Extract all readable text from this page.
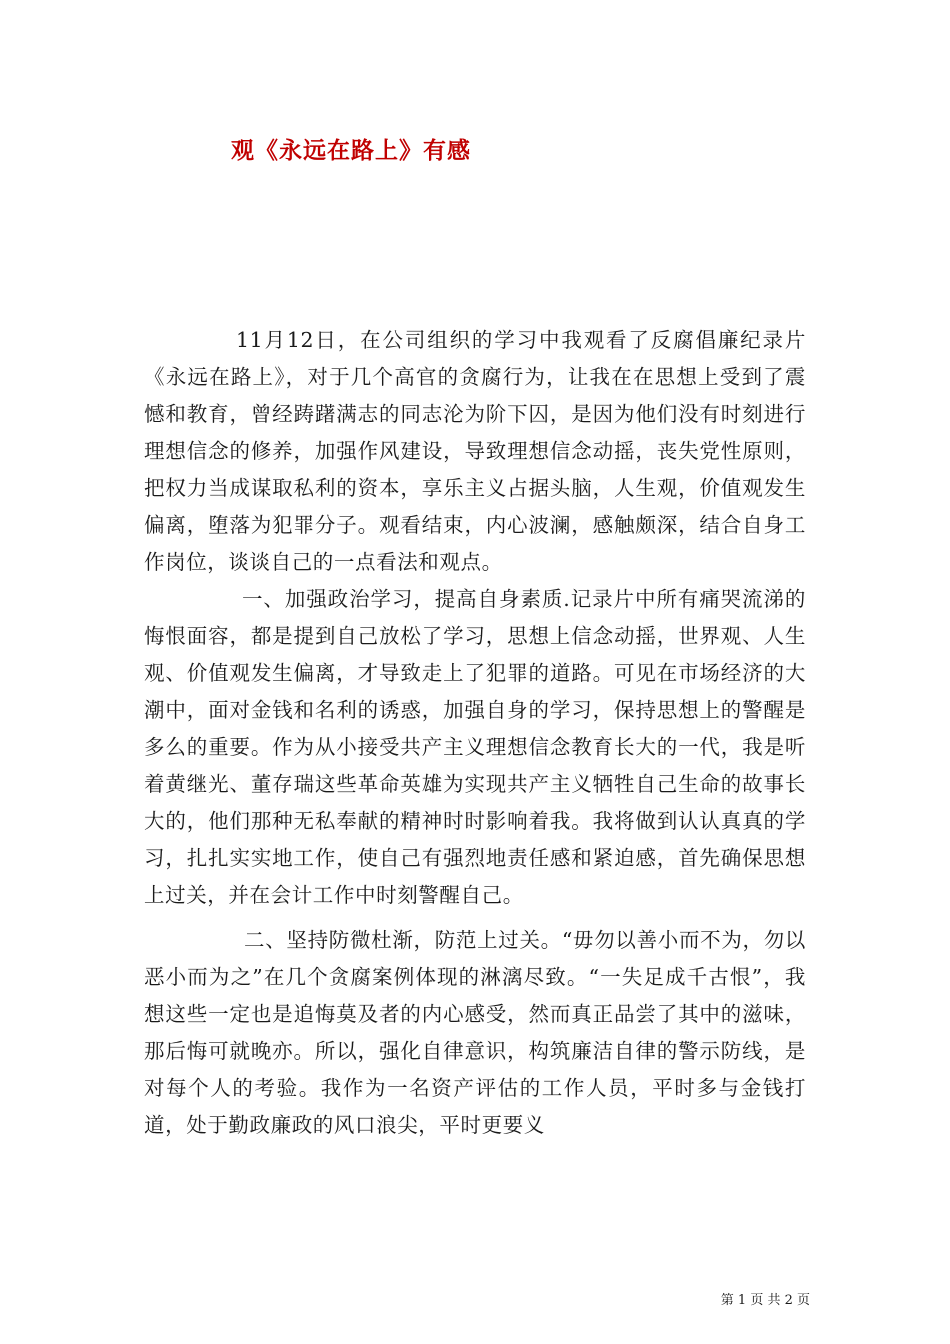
观《永远在路上》有感

11月12日，在公司组织的学习中我观看了反腐倡廉纪录片《永远在路上》，对于几个高官的贪腐行为，让我在在思想上受到了震憾和教育，曾经踌躇满志的同志沦为阶下囚，是因为他们没有时刻进行理想信念的修养，加强作风建设，导致理想信念动摇，丧失党性原则，把权力当成谋取私利的资本，享乐主义占据头脑，人生观，价值观发生偏离，堕落为犯罪分子。观看结束，内心波澜，感触颇深，结合自身工作岗位，谈谈自己的一点看法和观点。

一、加强政治学习，提高自身素质.记录片中所有痛哭流涕的悔恨面容，都是提到自己放松了学习，思想上信念动摇，世界观、人生观、价值观发生偏离，才导致走上了犯罪的道路。可见在市场经济的大潮中，面对金钱和名利的诱惑，加强自身的学习，保持思想上的警醒是多么的重要。作为从小接受共产主义理想信念教育长大的一代，我是听着黄继光、董存瑞这些革命英雄为实现共产主义牺牲自己生命的故事长大的，他们那种无私奉献的精神时时影响着我。我将做到认认真真的学习，扎扎实实地工作，使自己有强烈地责任感和紧迫感，首先确保思想上过关，并在会计工作中时刻警醒自己。

二、坚持防微杜渐，防范上过关。“毋勿以善小而不为，勿以恶小而为之”在几个贪腐案例体现的淋漓尽致。“一失足成千古恨”，我想这些一定也是追悔莫及者的内心感受，然而真正品尝了其中的滋味，那后悔可就晚亦。所以，强化自律意识，构筑廉洁自律的警示防线，是对每个人的考验。我作为一名资产评估的工作人员，平时多与金钱打道，处于勤政廉政的风口浪尖，平时更要义

第 1 页 共 2 页
